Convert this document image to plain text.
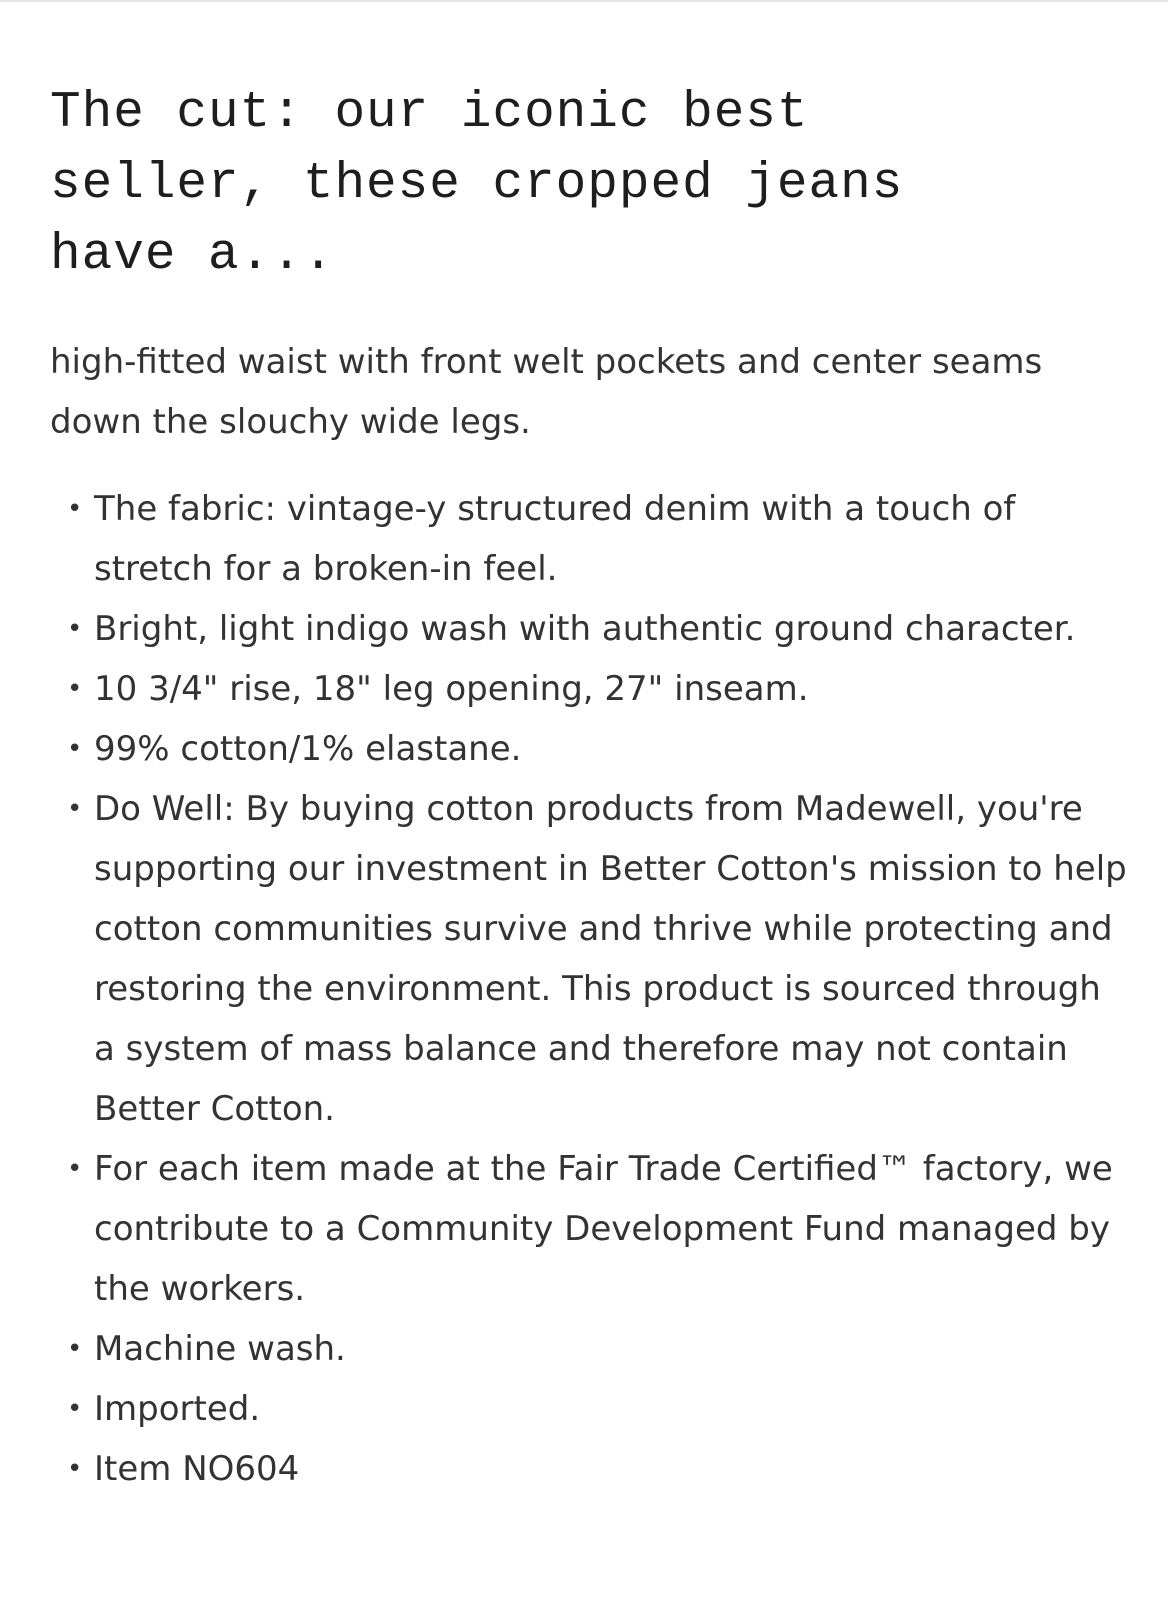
The cut: our iconic best seller, these cropped jeans have a...

high-fitted waist with front welt pockets and center seams down the slouchy wide legs.

• The fabric: vintage-y structured denim with a touch of stretch for a broken-in feel.
• Bright, light indigo wash with authentic ground character.
• 10 3/4" rise, 18" leg opening, 27" inseam.
• 99% cotton/1% elastane.
• Do Well: By buying cotton products from Madewell, you're supporting our investment in Better Cotton's mission to help cotton communities survive and thrive while protecting and restoring the environment. This product is sourced through a system of mass balance and therefore may not contain Better Cotton.
• For each item made at the Fair Trade Certified™ factory, we contribute to a Community Development Fund managed by the workers.
• Machine wash.
• Imported.
• Item NO604
